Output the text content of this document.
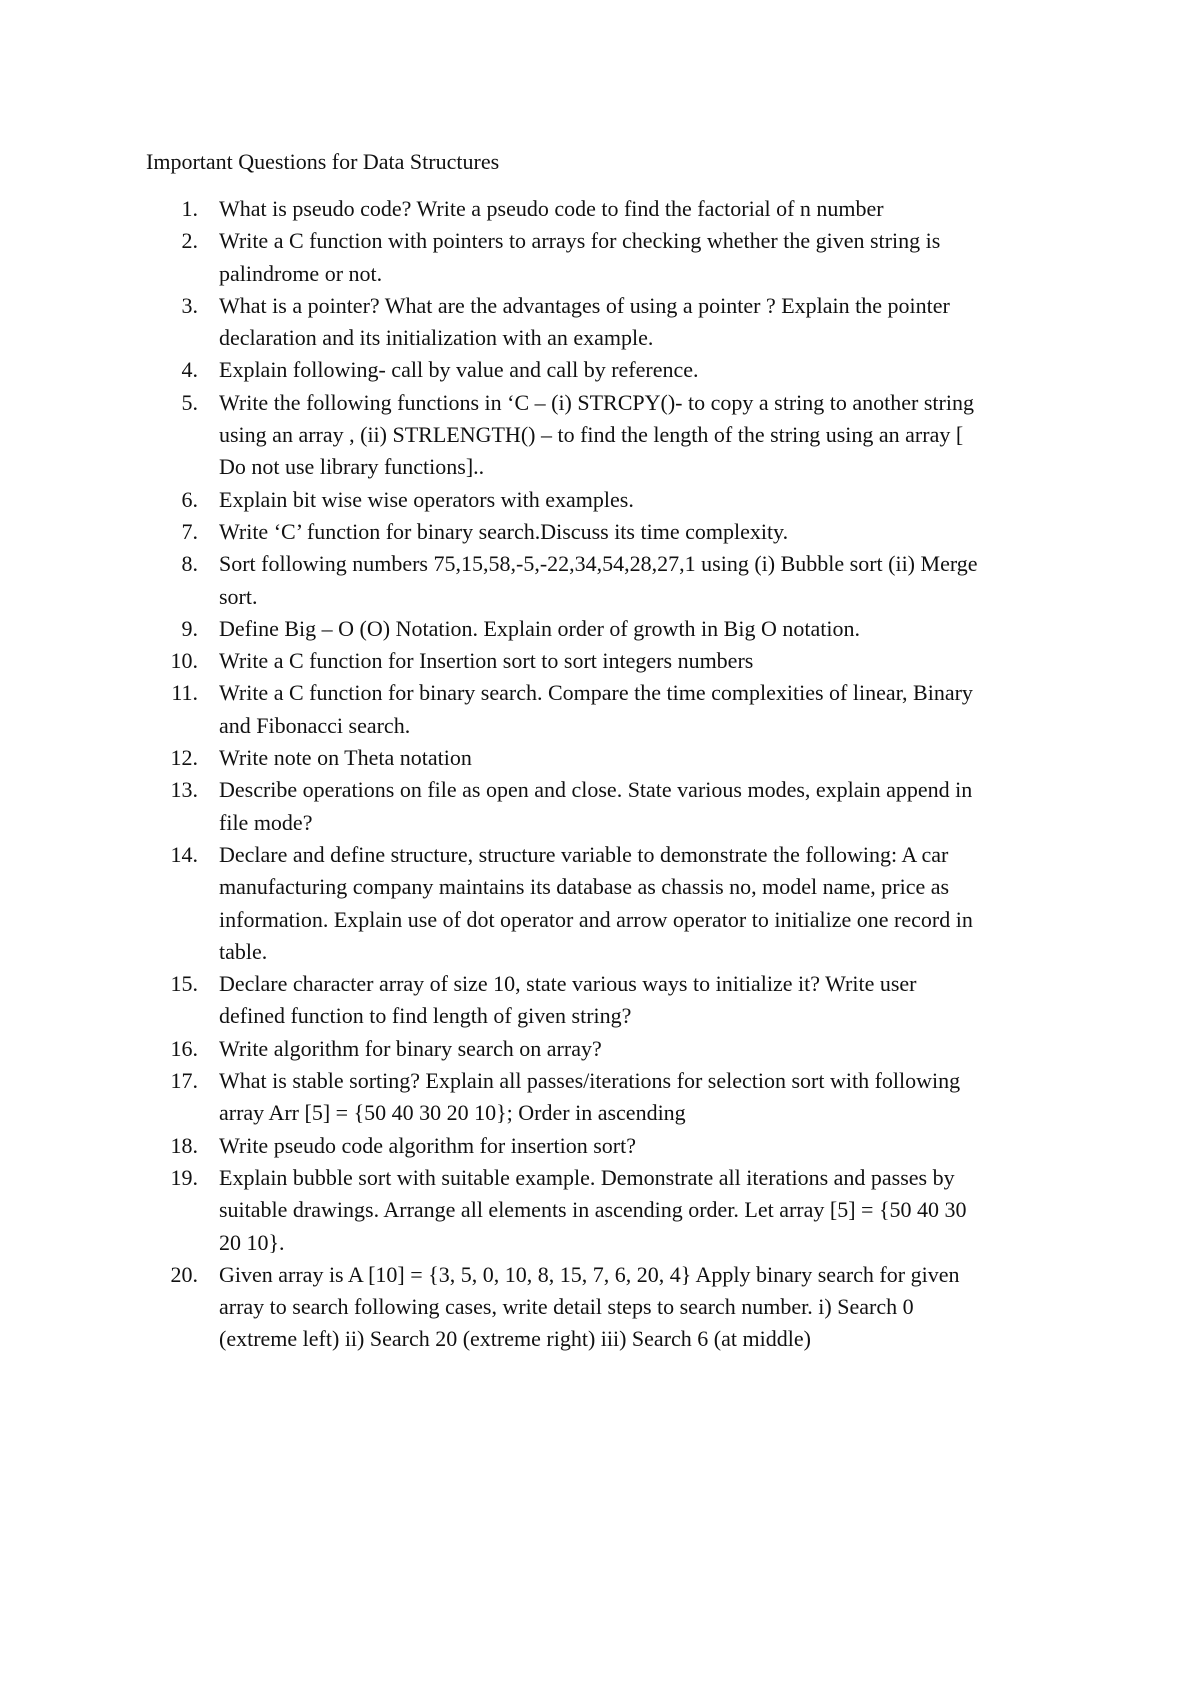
Important Questions for Data Structures
1. What is pseudo code? Write a pseudo code to find the factorial of n number
2. Write a C function with pointers to arrays for checking whether the given string is
palindrome or not.
3. What is a pointer? What are the advantages of using a pointer ? Explain the pointer
declaration and its initialization with an example.
4. Explain following- call by value and call by reference.
5. Write the following functions in ‘C – (i) STRCPY()- to copy a string to another string
using an array , (ii) STRLENGTH() – to find the length of the string using an array [
Do not use library functions]..
6. Explain bit wise wise operators with examples.
7. Write ‘C’ function for binary search.Discuss its time complexity.
8. Sort following numbers 75,15,58,-5,-22,34,54,28,27,1 using (i) Bubble sort (ii) Merge
sort.
9. Define Big – O (O) Notation. Explain order of growth in Big O notation.
10. Write a C function for Insertion sort to sort integers numbers
11. Write a C function for binary search. Compare the time complexities of linear, Binary
and Fibonacci search.
12. Write note on Theta notation
13. Describe operations on file as open and close. State various modes, explain append in
file mode?
14. Declare and define structure, structure variable to demonstrate the following: A car
manufacturing company maintains its database as chassis no, model name, price as
information. Explain use of dot operator and arrow operator to initialize one record in
table.
15. Declare character array of size 10, state various ways to initialize it? Write user
defined function to find length of given string?
16. Write algorithm for binary search on array?
17. What is stable sorting? Explain all passes/iterations for selection sort with following
array Arr [5] = {50 40 30 20 10}; Order in ascending
18. Write pseudo code algorithm for insertion sort?
19. Explain bubble sort with suitable example. Demonstrate all iterations and passes by
suitable drawings. Arrange all elements in ascending order. Let array [5] = {50 40 30
20 10}.
20. Given array is A [10] = {3, 5, 0, 10, 8, 15, 7, 6, 20, 4} Apply binary search for given
array to search following cases, write detail steps to search number. i) Search 0
(extreme left) ii) Search 20 (extreme right) iii) Search 6 (at middle)
